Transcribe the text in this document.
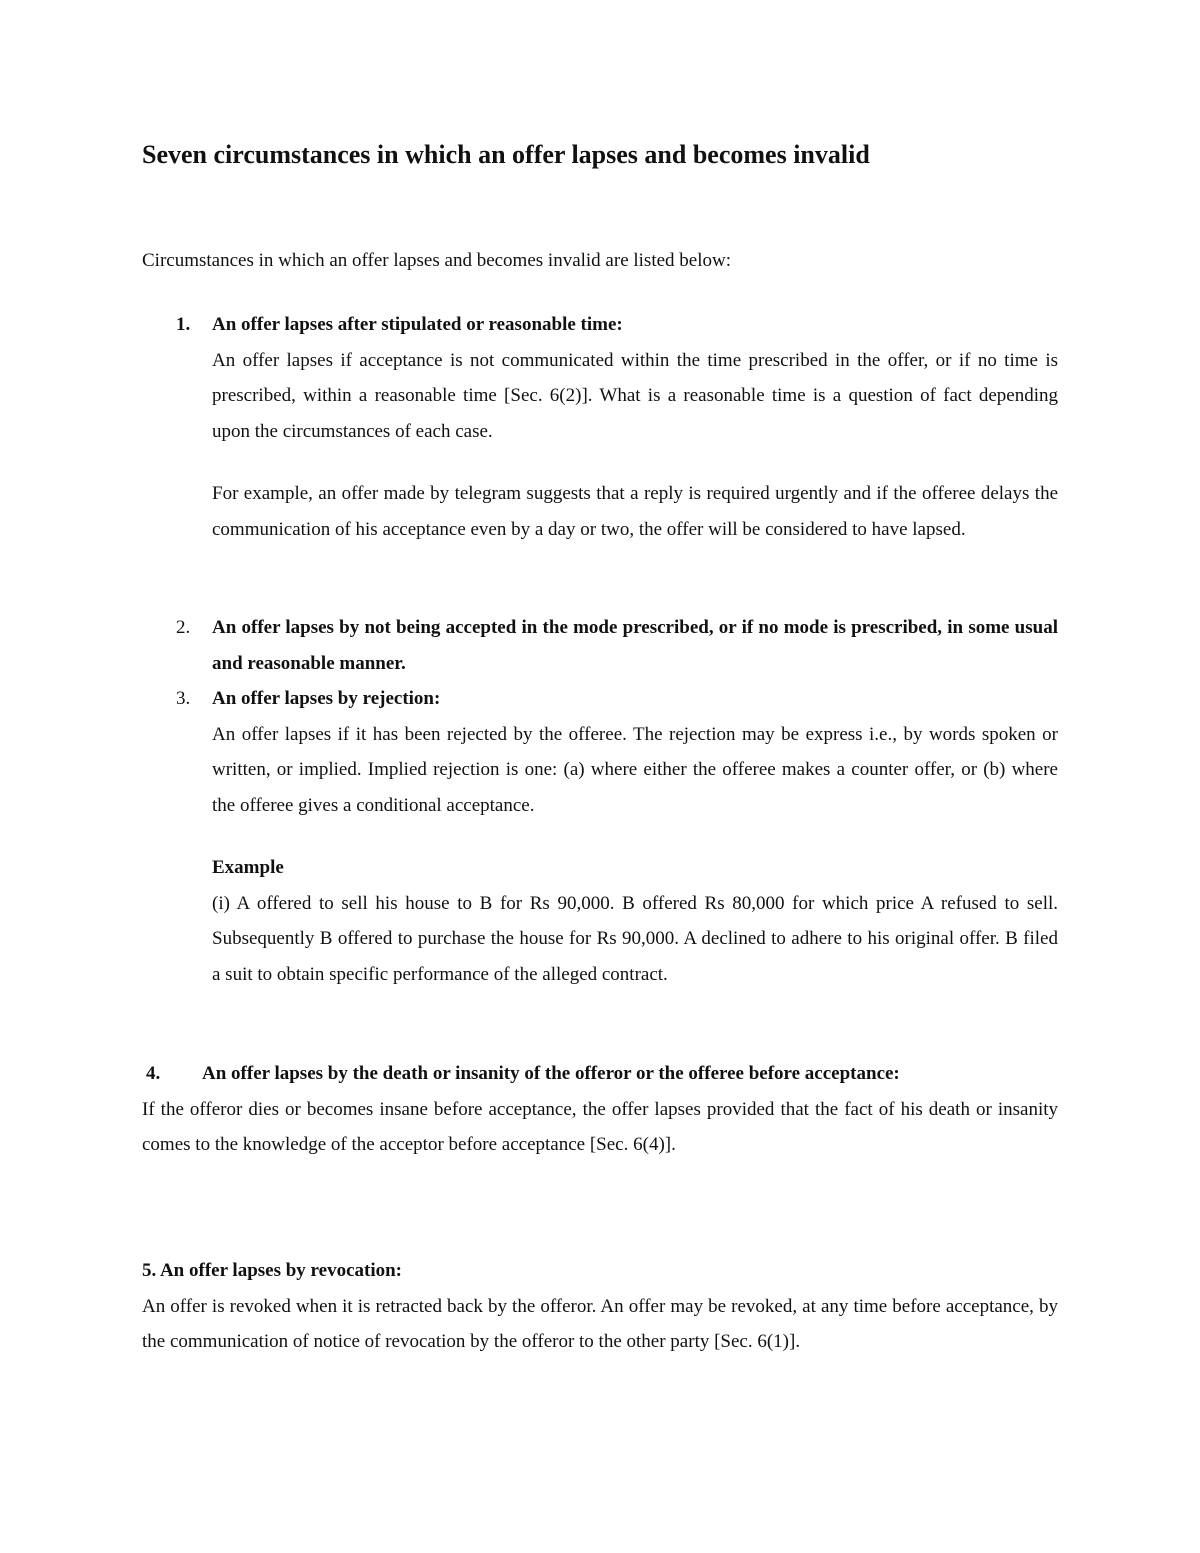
Seven circumstances in which an offer lapses and becomes invalid

Circumstances in which an offer lapses and becomes invalid are listed below:

1. An offer lapses after stipulated or reasonable time:

An offer lapses if acceptance is not communicated within the time prescribed in the offer, or if no time is prescribed, within a reasonable time [Sec. 6(2)]. What is a reasonable time is a question of fact depending upon the circumstances of each case.

For example, an offer made by telegram suggests that a reply is required urgently and if the offeree delays the communication of his acceptance even by a day or two, the offer will be considered to have lapsed.

2. An offer lapses by not being accepted in the mode prescribed, or if no mode is prescribed, in some usual and reasonable manner.
3. An offer lapses by rejection:

An offer lapses if it has been rejected by the offeree. The rejection may be express i.e., by words spoken or written, or implied. Implied rejection is one: (a) where either the offeree makes a counter offer, or (b) where the offeree gives a conditional acceptance.

Example

(i) A offered to sell his house to B for Rs 90,000. B offered Rs 80,000 for which price A refused to sell. Subsequently B offered to purchase the house for Rs 90,000. A declined to adhere to his original offer. B filed a suit to obtain specific performance of the alleged contract.

4. An offer lapses by the death or insanity of the offeror or the offeree before acceptance:

If the offeror dies or becomes insane before acceptance, the offer lapses provided that the fact of his death or insanity comes to the knowledge of the acceptor before acceptance [Sec. 6(4)].

5. An offer lapses by revocation:

An offer is revoked when it is retracted back by the offeror. An offer may be revoked, at any time before acceptance, by the communication of notice of revocation by the offeror to the other party [Sec. 6(1)].
